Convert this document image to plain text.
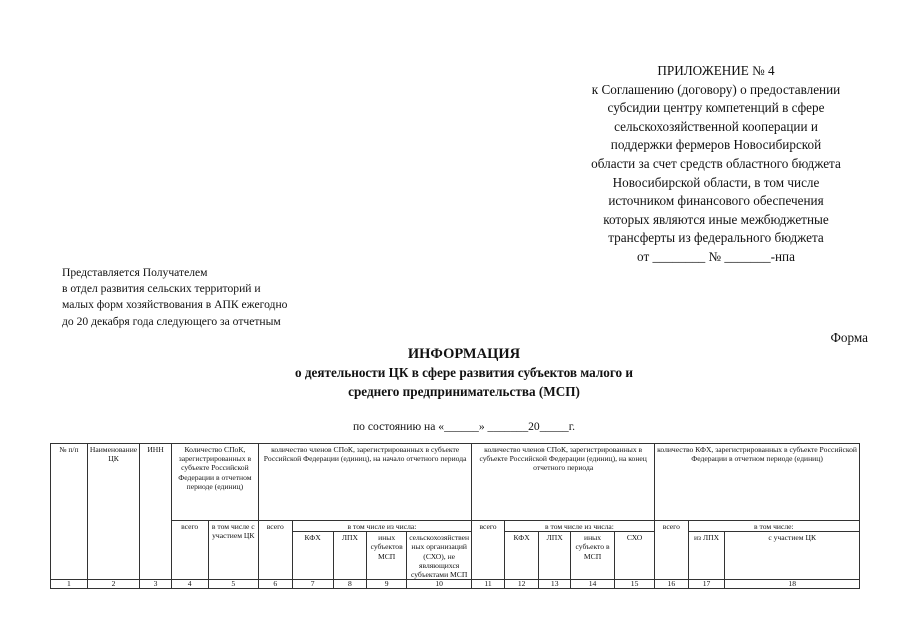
ПРИЛОЖЕНИЕ № 4
к Соглашению (договору) о предоставлении
субсидии центру компетенций в сфере
сельскохозяйственной кооперации и
поддержки фермеров Новосибирской
области за счет средств областного бюджета
Новосибирской области, в том числе
источником финансового обеспечения
которых являются иные межбюджетные
трансферты из федерального бюджета
от ________ № _______-нпа
Представляется Получателем
в отдел развития сельских территорий и
малых форм хозяйствования в АПК ежегодно
до 20 декабря года следующего за отчетным
Форма
ИНФОРМАЦИЯ
о деятельности ЦК в сфере развития субъектов малого и
среднего предпринимательства (МСП)
по состоянию на «______» _______20_____г.
№ п/п	Наименование ЦК	ИНН	Количество СПоК, зарегистрированных в субъекте Российской Федерации в отчетном периоде (единиц)		количество членов СПоК, зарегистрированных в субъекте Российской Федерации (единиц), на начало отчетного периода					количество членов СПоК, зарегистрированных в субъекте Российской Федерации (единиц), на конец отчетного периода					количество КФХ, зарегистрированных в субъекте Российской Федерации в отчетном периоде (единиц)		
			всего	в том числе с участием ЦК	всего	в том числе из числа:				всего	в том числе из числа:				всего	в том числе:	
						КФХ	ЛПХ	иных субъектов МСП	сельскохозяйственных организаций (СХО), не являющихся субъектами МСП		КФХ	ЛПХ	иных субъекто в МСП	СХО		из ЛПХ	с участием ЦК
1	2	3	4	5	6	7	8	9	10	11	12	13	14	15	16	17	18
